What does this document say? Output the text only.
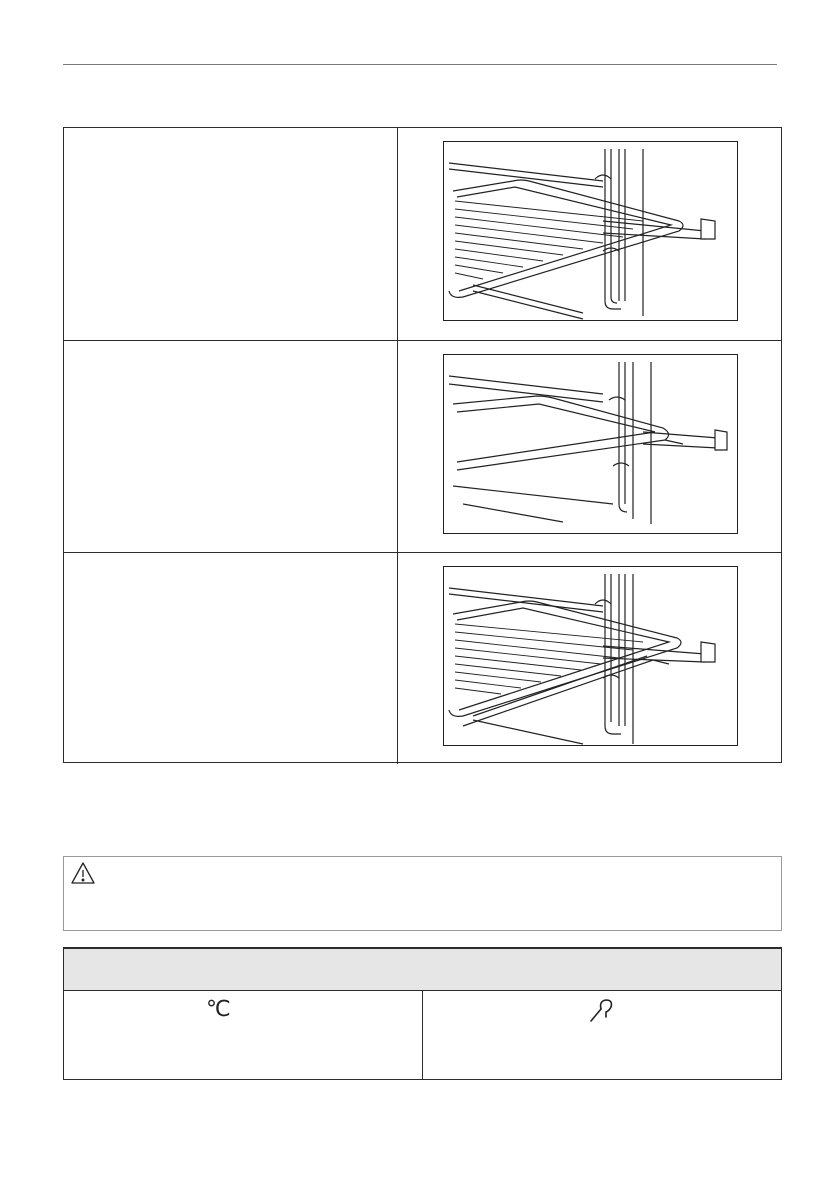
℃
